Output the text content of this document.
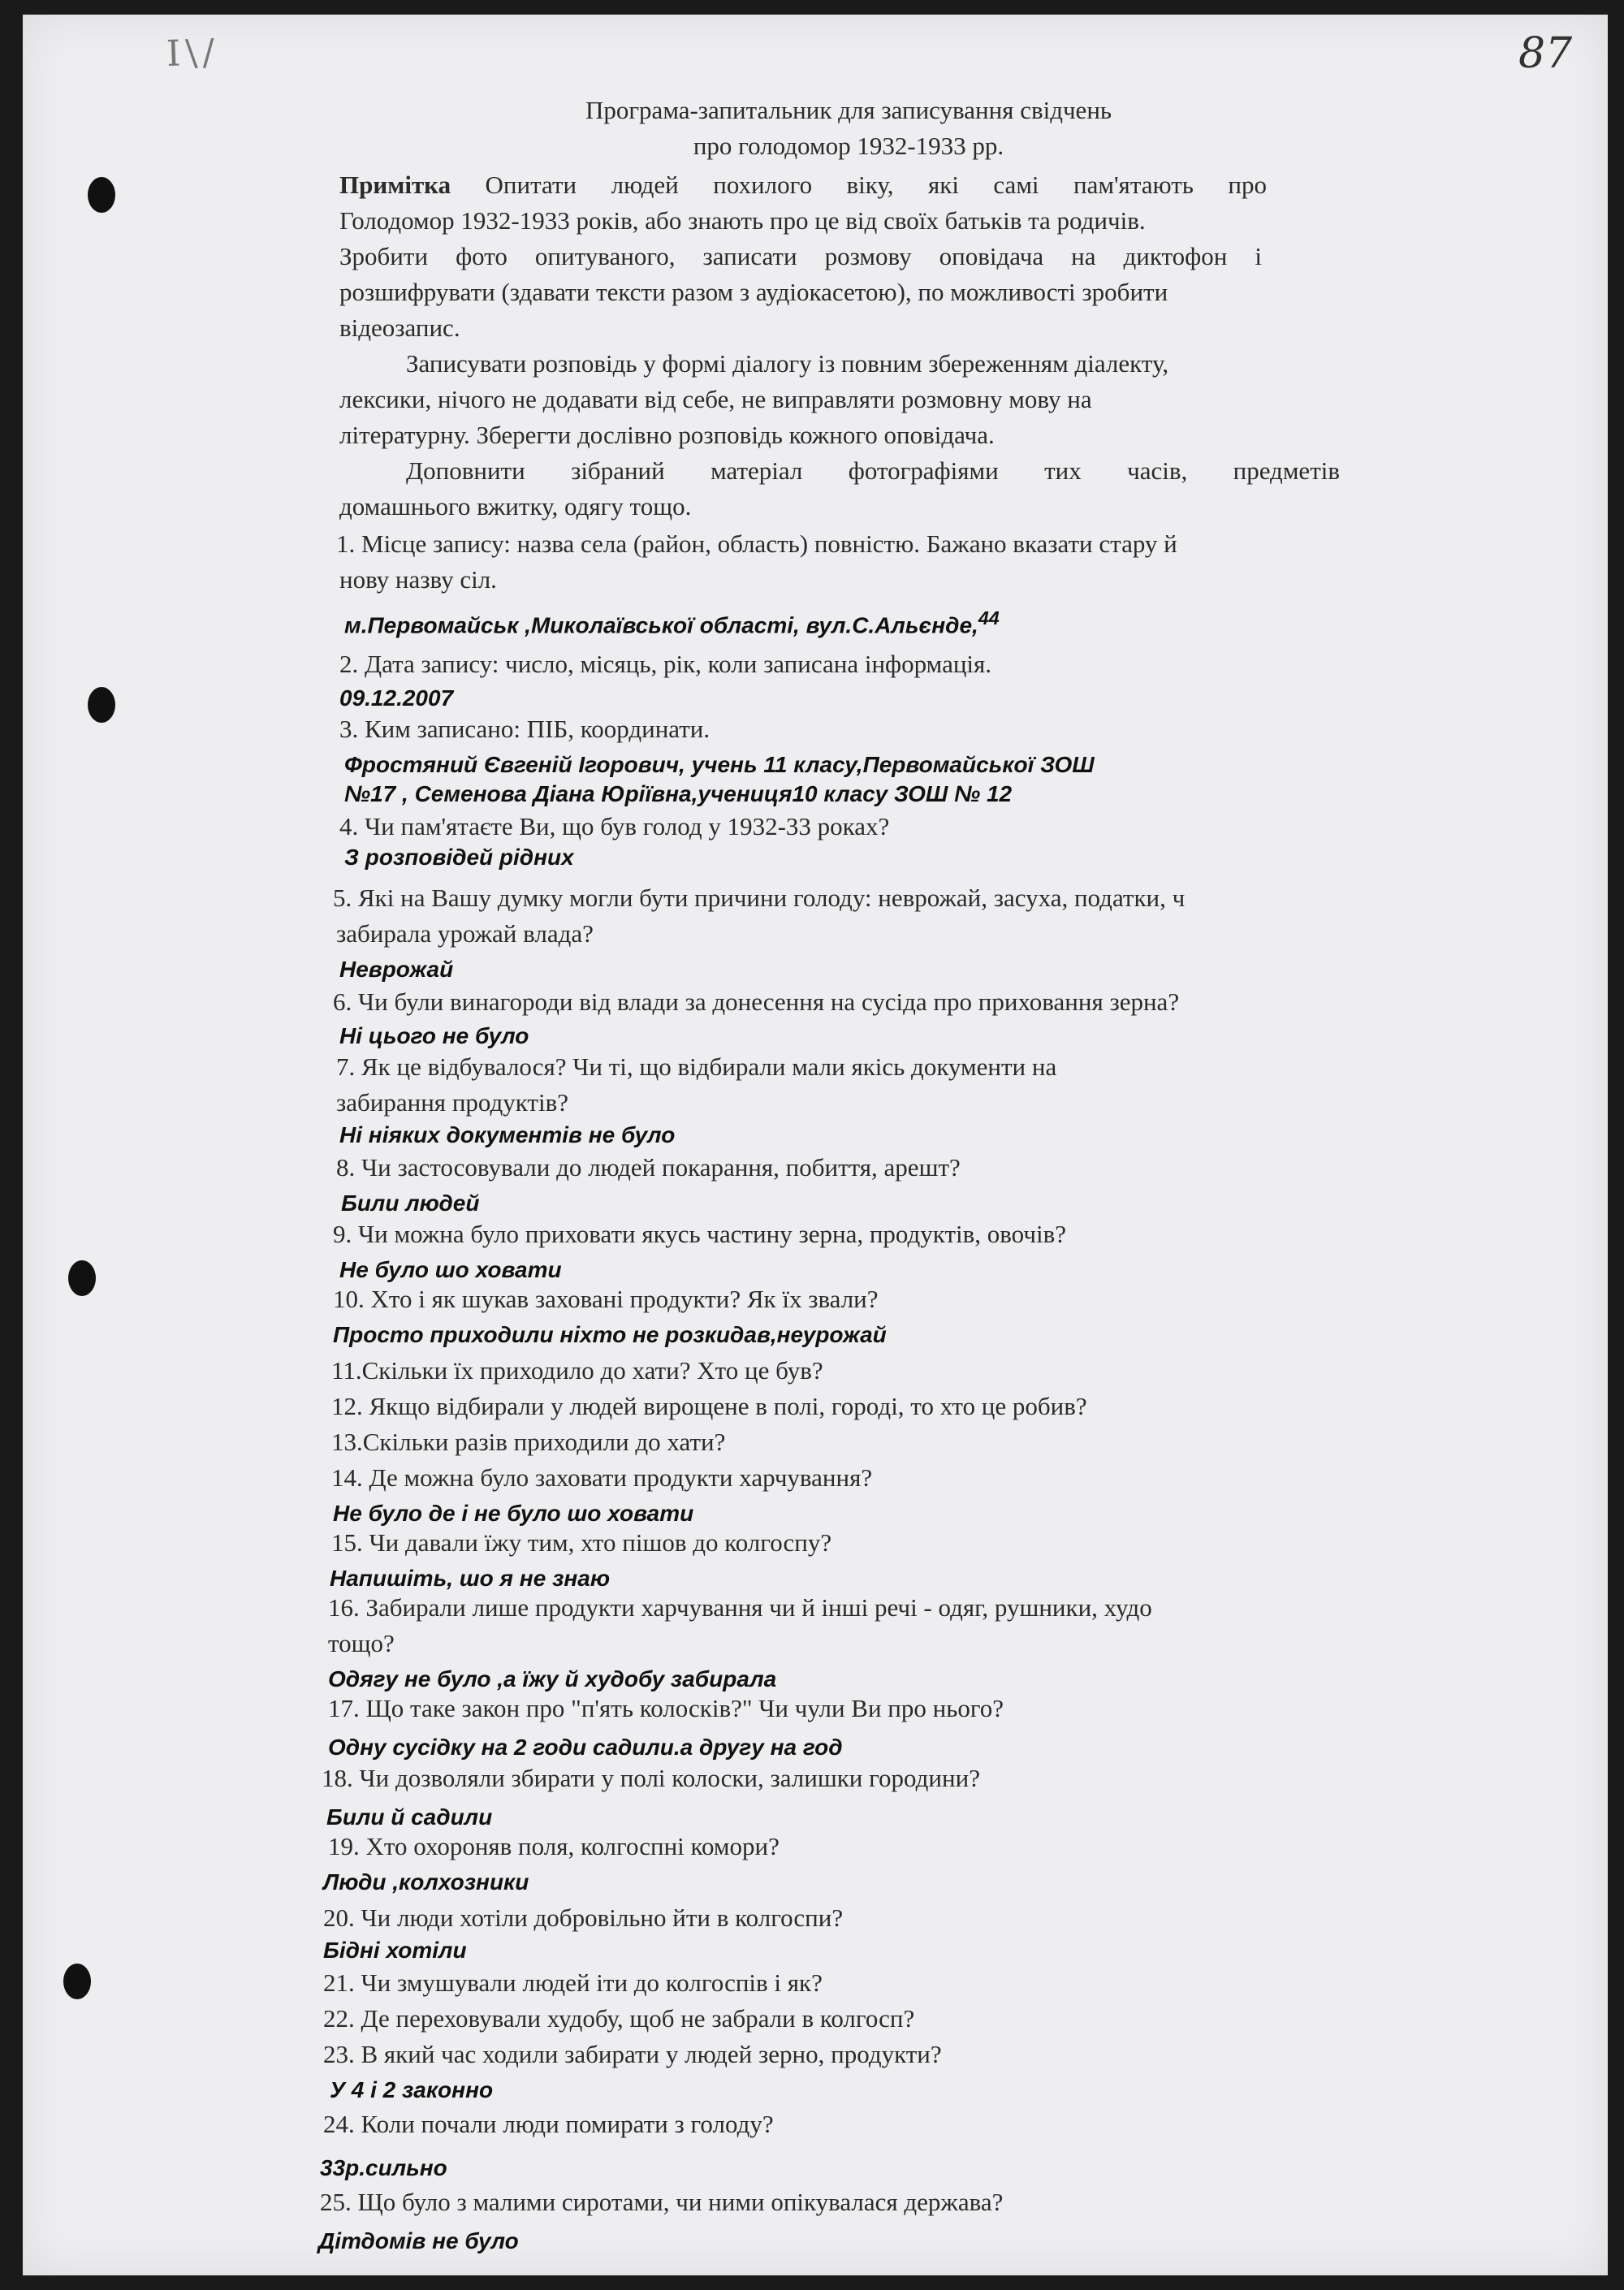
I\/	87
Програма-запитальник для записування свідчень
про голодомор 1932-1933 рр.
Примітка Опитати людей похилого віку, які самі пам'ятають про
Голодомор 1932-1933 років, або знають про це від своїх батьків та родичів.
Зробити фото опитуваного, записати розмову оповідача на диктофон і
розшифрувати (здавати тексти разом з аудіокасетою), по можливості зробити
відеозапис.
Записувати розповідь у формі діалогу із повним збереженням діалекту,
лексики, нічого не додавати від себе, не виправляти розмовну мову на
літературну. Зберегти дослівно розповідь кожного оповідача.
Доповнити зібраний матеріал фотографіями тих часів, предметів
домашнього вжитку, одягу тощо.
1. Місце запису: назва села (район, область) повністю. Бажано вказати стару й
нову назву сіл.
м.Первомайськ ,Миколаївської області, вул.С.Альєнде,$^{44}$
2. Дата запису: число, місяць, рік, коли записана інформація.
09.12.2007
3. Ким записано: ПІБ, координати.
Фростяний Євгеній Ігорович, учень 11 класу,Первомайської ЗОШ
№17 , Семенова Діана Юріївна,учениця10 класу ЗОШ № 12
4. Чи пам'ятаєте Ви, що був голод у 1932-33 роках?
З розповідей рідних
5. Які на Вашу думку могли бути причини голоду: неврожай, засуха, податки, ч
забирала урожай влада?
Неврожай
6. Чи були винагороди від влади за донесення на сусіда про приховання зерна?
Ні цього не було
7. Як це відбувалося? Чи ті, що відбирали мали якісь документи на
забирання продуктів?
Ні ніяких документів не було
8. Чи застосовували до людей покарання, побиття, арешт?
Били людей
9. Чи можна було приховати якусь частину зерна, продуктів, овочів?
Не було шо ховати
10. Хто і як шукав заховані продукти? Як їх звали?
Просто приходили ніхто не розкидав,неурожай
11.Скільки їх приходило до хати? Хто це був?
12. Якщо відбирали у людей вирощене в полі, городі, то хто це робив?
13.Скільки разів приходили до хати?
14. Де можна було заховати продукти харчування?
Не було де і не було шо ховати
15. Чи давали їжу тим, хто пішов до колгоспу?
Напишіть, шо я не знаю
16. Забирали лише продукти харчування чи й інші речі - одяг, рушники, худо
тощо?
Одягу не було ,а їжу й худобу забирала
17. Що таке закон про "п'ять колосків?" Чи чули Ви про нього?
Одну сусідку на 2 годи садили.а другу на год
18. Чи дозволяли збирати у полі колоски, залишки городини?
Били й садили
19. Хто охороняв поля, колгоспні комори?
Люди ,колхозники
20. Чи люди хотіли добровільно йти в колгоспи?
Бідні хотіли
21. Чи змушували людей іти до колгоспів і як?
22. Де переховували худобу, щоб не забрали в колгосп?
23. В який час ходили забирати у людей зерно, продукти?
У 4 і 2 законно
24. Коли почали люди помирати з голоду?
33р.сильно
25. Що було з малими сиротами, чи ними опікувалася держава?
Дітдомів не було
